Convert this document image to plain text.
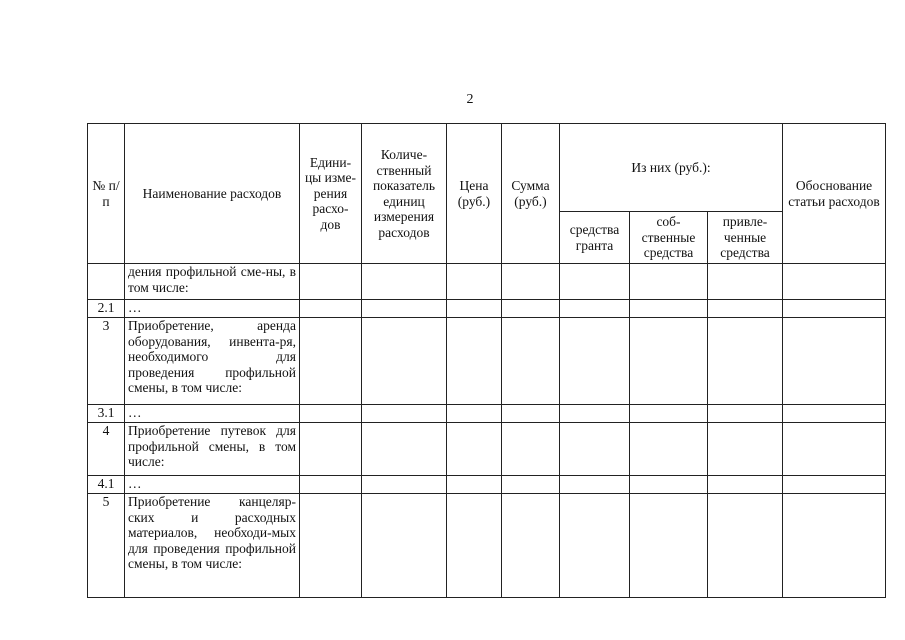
2
№ п/п	Наименование расходов	Едини-цы изме-рения расхо-дов	Количе-ственный показатель единиц измерения расходов	Цена (руб.)	Сумма (руб.)	Из них (руб.):			Обоснование статьи расходов
						средства гранта	соб-ственные средства	привле-ченные средства	
	дения профильной сме-ны, в том числе:								
2.1	…								
3	Приобретение, аренда оборудования, инвента-ря, необходимого для проведения профильной смены, в том числе:								
3.1	…								
4	Приобретение путевок для профильной смены, в том числе:								
4.1	…								
5	Приобретение канцеляр-ских и расходных материалов, необходи-мых для проведения профильной смены, в том числе:								
